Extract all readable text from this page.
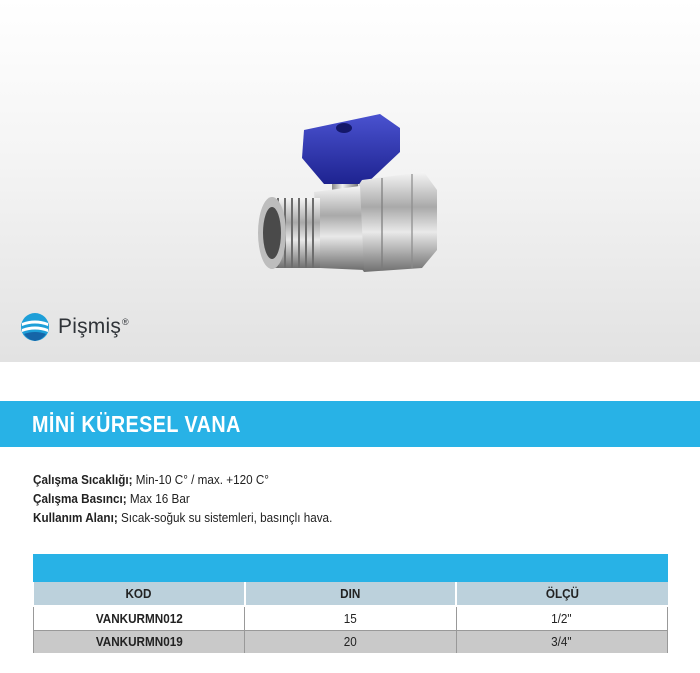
Pişmiş®
MİNİ KÜRESEL VANA
Çalışma Sıcaklığı; Min-10 C° / max. +120 C°
Çalışma Basıncı; Max 16 Bar
Kullanım Alanı; Sıcak-soğuk su sistemleri, basınçlı hava.
KOD	DIN	ÖLÇÜ
VANKURMN012	15	1/2"
VANKURMN019	20	3/4"
